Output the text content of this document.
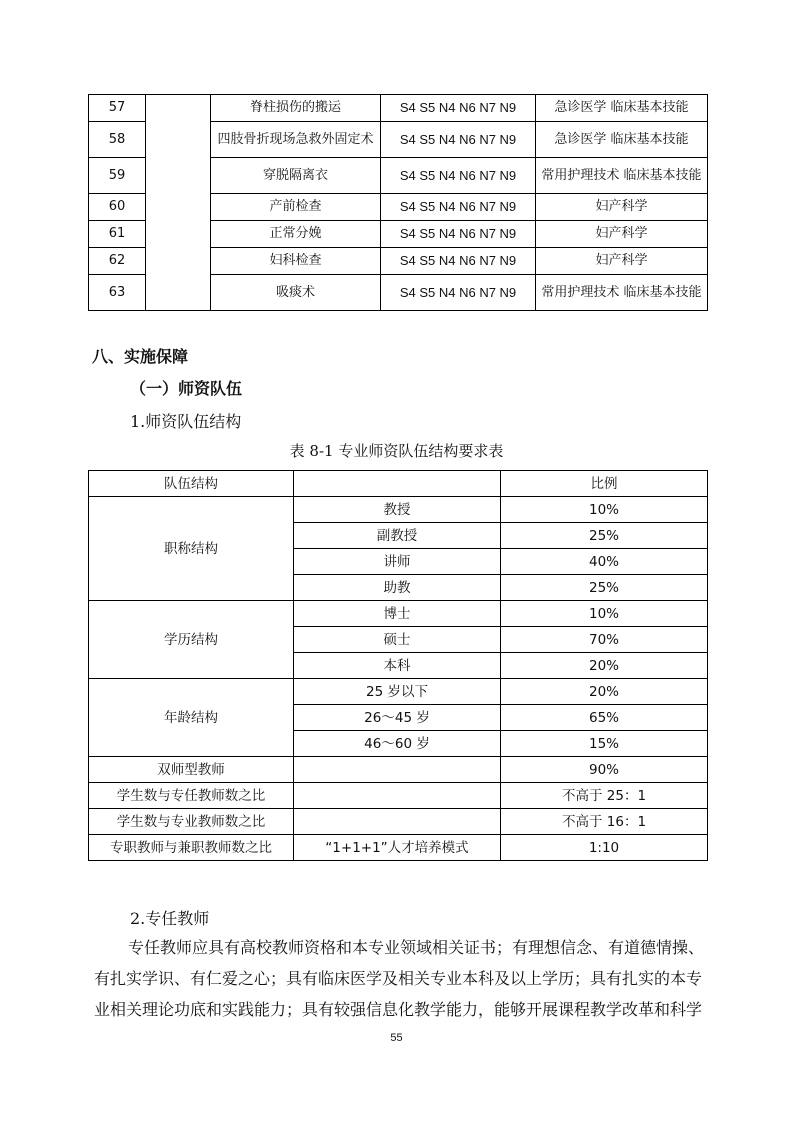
57		脊柱损伤的搬运	S4 S5 N4 N6 N7 N9	急诊医学 临床基本技能
58		四肢骨折现场急救外固定术	S4 S5 N4 N6 N7 N9	急诊医学 临床基本技能
59		穿脱隔离衣	S4 S5 N4 N6 N7 N9	常用护理技术 临床基本技能
60		产前检查	S4 S5 N4 N6 N7 N9	妇产科学
61		正常分娩	S4 S5 N4 N6 N7 N9	妇产科学
62		妇科检查	S4 S5 N4 N6 N7 N9	妇产科学
63		吸痰术	S4 S5 N4 N6 N7 N9	常用护理技术 临床基本技能
八、实施保障
（一）师资队伍
1.师资队伍结构
表 8-1 专业师资队伍结构要求表
队伍结构		比例
职称结构	教授	10%
	副教授	25%
	讲师	40%
	助教	25%
学历结构	博士	10%
	硕士	70%
	本科	20%
年龄结构	25 岁以下	20%
	26～45 岁	65%
	46～60 岁	15%
双师型教师		90%
学生数与专任教师数之比		不高于 25：1
学生数与专业教师数之比		不高于 16：1
专职教师与兼职教师数之比	“1+1+1”人才培养模式	1:10
2.专任教师
专任教师应具有高校教师资格和本专业领域相关证书；有理想信念、有道德情操、
有扎实学识、有仁爱之心；具有临床医学及相关专业本科及以上学历；具有扎实的本专
业相关理论功底和实践能力；具有较强信息化教学能力，能够开展课程教学改革和科学
55
